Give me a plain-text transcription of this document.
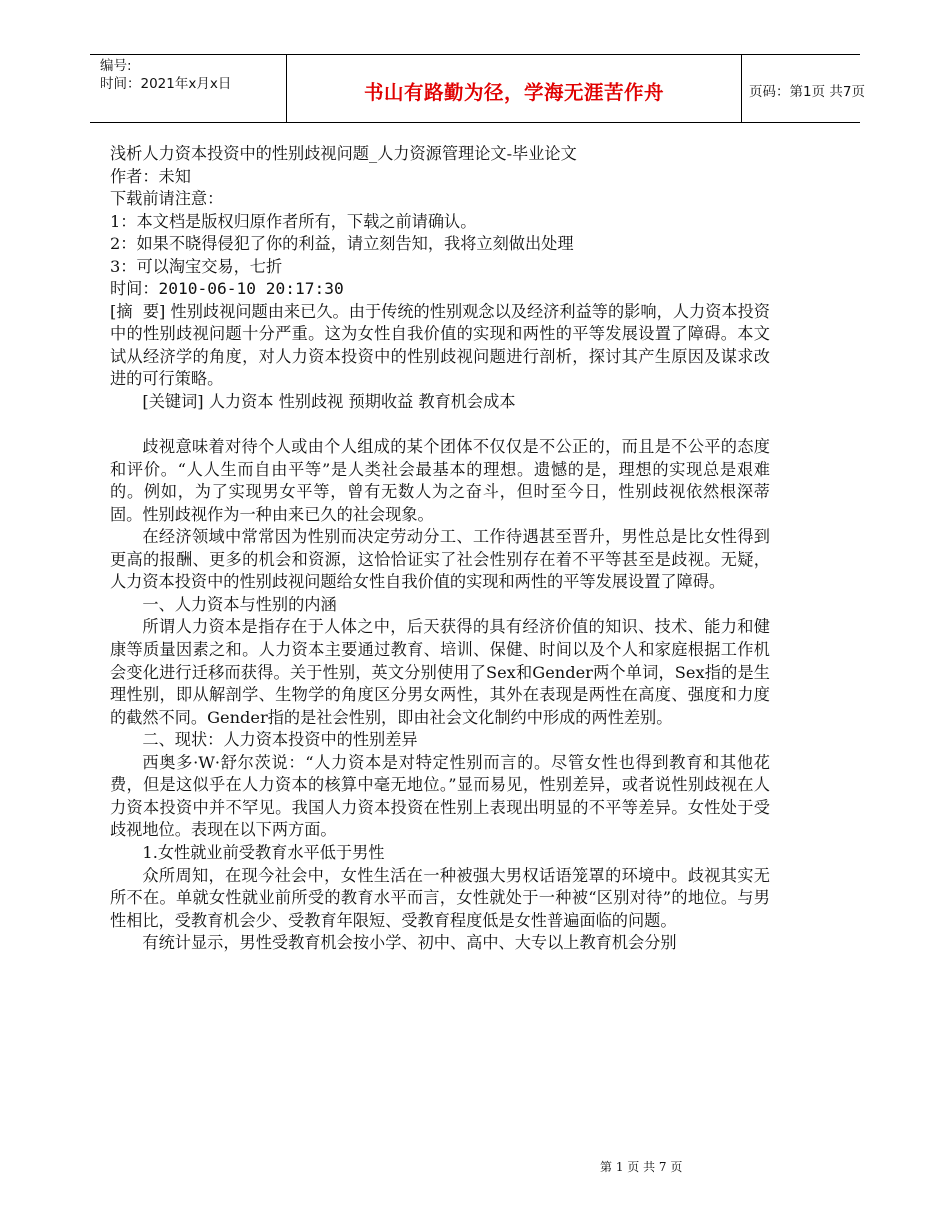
编号:
时间：2021年x月x日	书山有路勤为径，学海无涯苦作舟	页码：第1页 共7页

浅析人力资本投资中的性别歧视问题_人力资源管理论文-毕业论文

作者：未知

下载前请注意：

1：本文档是版权归原作者所有，下载之前请确认。

2：如果不晓得侵犯了你的利益，请立刻告知，我将立刻做出处理

3：可以淘宝交易，七折

时间：2010-06-10 20:17:30

[摘  要] 性别歧视问题由来已久。由于传统的性别观念以及经济利益等的影响，人力资本投资中的性别歧视问题十分严重。这为女性自我价值的实现和两性的平等发展设置了障碍。本文试从经济学的角度，对人力资本投资中的性别歧视问题进行剖析，探讨其产生原因及谋求改进的可行策略。

[关键词] 人力资本 性别歧视 预期收益 教育机会成本

歧视意味着对待个人或由个人组成的某个团体不仅仅是不公正的，而且是不公平的态度和评价。“人人生而自由平等”是人类社会最基本的理想。遗憾的是，理想的实现总是艰难的。例如，为了实现男女平等，曾有无数人为之奋斗，但时至今日，性别歧视依然根深蒂固。性别歧视作为一种由来已久的社会现象。

在经济领域中常常因为性别而决定劳动分工、工作待遇甚至晋升，男性总是比女性得到更高的报酬、更多的机会和资源，这恰恰证实了社会性别存在着不平等甚至是歧视。无疑，人力资本投资中的性别歧视问题给女性自我价值的实现和两性的平等发展设置了障碍。

一、人力资本与性别的内涵

所谓人力资本是指存在于人体之中，后天获得的具有经济价值的知识、技术、能力和健康等质量因素之和。人力资本主要通过教育、培训、保健、时间以及个人和家庭根据工作机会变化进行迁移而获得。关于性别，英文分别使用了Sex和Gender两个单词，Sex指的是生理性别，即从解剖学、生物学的角度区分男女两性，其外在表现是两性在高度、强度和力度的截然不同。Gender指的是社会性别，即由社会文化制约中形成的两性差别。

二、现状：人力资本投资中的性别差异

西奥多·W·舒尔茨说：“人力资本是对特定性别而言的。尽管女性也得到教育和其他花费，但是这似乎在人力资本的核算中毫无地位。”显而易见，性别差异，或者说性别歧视在人力资本投资中并不罕见。我国人力资本投资在性别上表现出明显的不平等差异。女性处于受歧视地位。表现在以下两方面。

1.女性就业前受教育水平低于男性

众所周知，在现今社会中，女性生活在一种被强大男权话语笼罩的环境中。歧视其实无所不在。单就女性就业前所受的教育水平而言，女性就处于一种被“区别对待”的地位。与男性相比，受教育机会少、受教育年限短、受教育程度低是女性普遍面临的问题。

有统计显示，男性受教育机会按小学、初中、高中、大专以上教育机会分别

第 1 页 共 7 页
